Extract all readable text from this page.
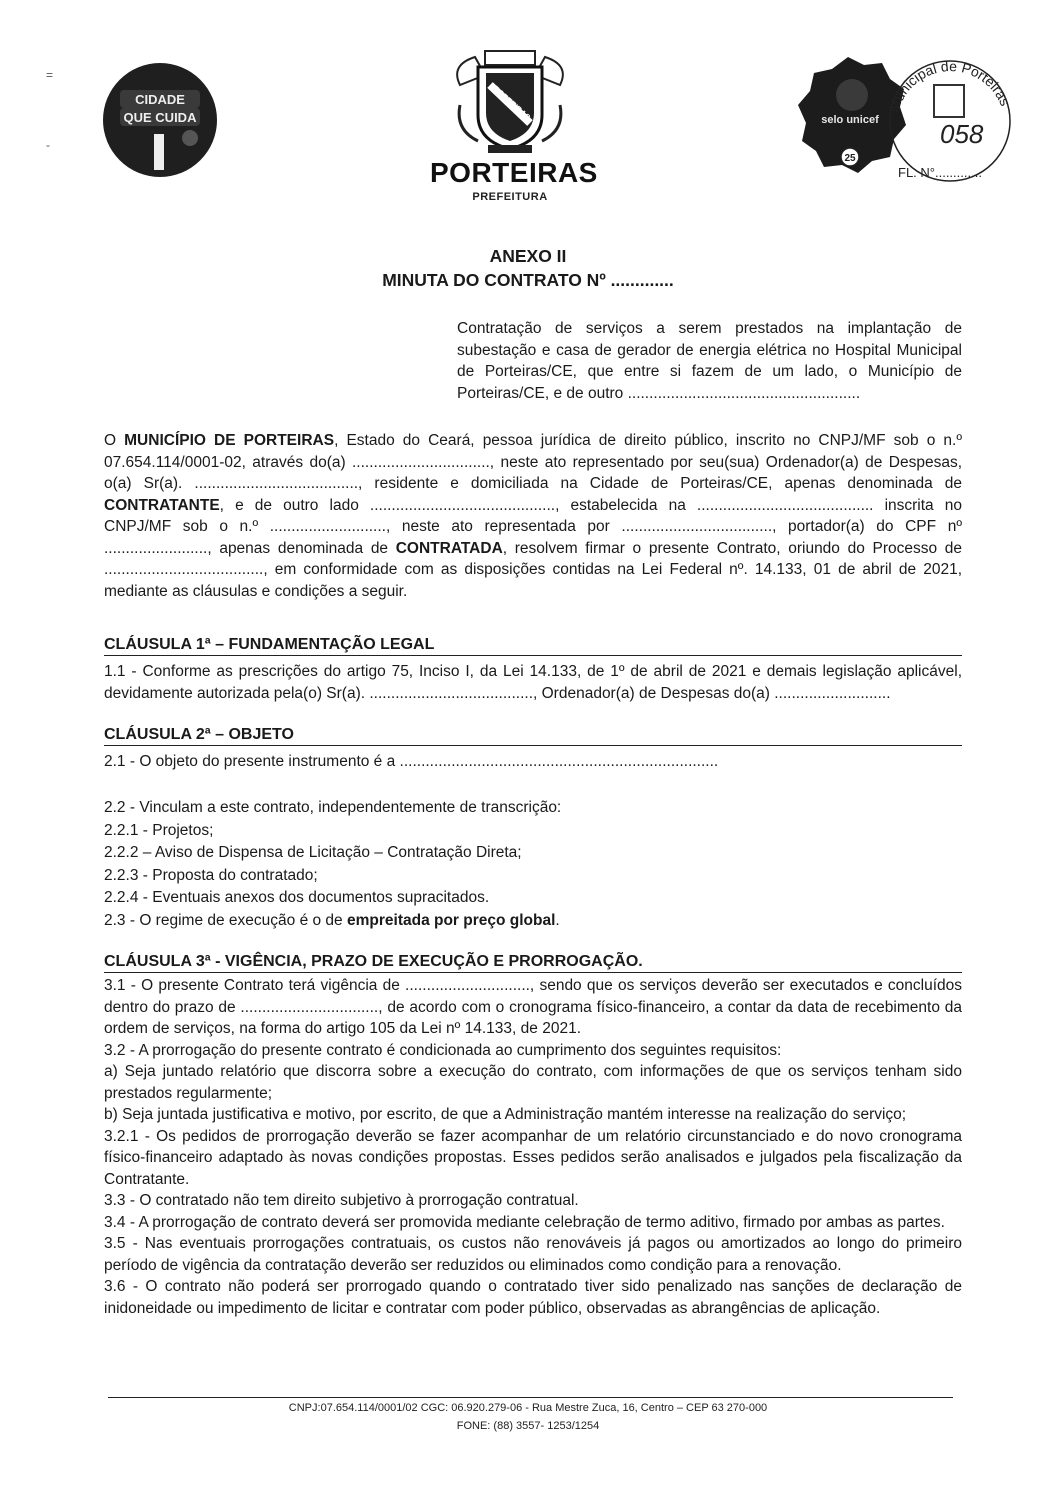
=
-
CIDADE
QUE CUIDA	PORTEIRAS
PORTEIRAS
PREFEITURA
selo unicef
25
Municipal de Porteiras
058
FL. N°.............
ANEXO II
MINUTA DO CONTRATO Nº .............
Contratação de serviços a serem prestados na implantação de subestação e casa de gerador de energia elétrica no Hospital Municipal de Porteiras/CE, que entre si fazem de um lado, o Município de Porteiras/CE, e de outro ......................................................
O MUNICÍPIO DE PORTEIRAS, Estado do Ceará, pessoa jurídica de direito público, inscrito no CNPJ/MF sob o n.º 07.654.114/0001-02, através do(a) ................................, neste ato representado por seu(sua) Ordenador(a) de Despesas, o(a) Sr(a). ......................................, residente e domiciliada na Cidade de Porteiras/CE, apenas denominada de CONTRATANTE, e de outro lado ..........................................., estabelecida na ......................................... inscrita no CNPJ/MF sob o n.º ..........................., neste ato representada por ..................................., portador(a) do CPF nº ........................, apenas denominada de CONTRATADA, resolvem firmar o presente Contrato, oriundo do Processo de ....................................., em conformidade com as disposições contidas na Lei Federal nº. 14.133, 01 de abril de 2021, mediante as cláusulas e condições a seguir.
CLÁUSULA 1ª – FUNDAMENTAÇÃO LEGAL
1.1 - Conforme as prescrições do artigo 75, Inciso I, da Lei 14.133, de 1º de abril de 2021 e demais legislação aplicável, devidamente autorizada pela(o) Sr(a). ......................................, Ordenador(a) de Despesas do(a) ...........................
CLÁUSULA 2ª – OBJETO
2.1 - O objeto do presente instrumento é a ..........................................................................
2.2 - Vinculam a este contrato, independentemente de transcrição:
2.2.1 - Projetos;
2.2.2 – Aviso de Dispensa de Licitação – Contratação Direta;
2.2.3 - Proposta do contratado;
2.2.4 - Eventuais anexos dos documentos supracitados.
2.3 - O regime de execução é o de empreitada por preço global.
CLÁUSULA 3ª - VIGÊNCIA, PRAZO DE EXECUÇÃO E PRORROGAÇÃO.
3.1 - O presente Contrato terá vigência de ............................., sendo que os serviços deverão ser executados e concluídos dentro do prazo de ................................, de acordo com o cronograma físico-financeiro, a contar da data de recebimento da ordem de serviços, na forma do artigo 105 da Lei nº 14.133, de 2021.
3.2 - A prorrogação do presente contrato é condicionada ao cumprimento dos seguintes requisitos:
a) Seja juntado relatório que discorra sobre a execução do contrato, com informações de que os serviços tenham sido prestados regularmente;
b) Seja juntada justificativa e motivo, por escrito, de que a Administração mantém interesse na realização do serviço;
3.2.1 - Os pedidos de prorrogação deverão se fazer acompanhar de um relatório circunstanciado e do novo cronograma físico-financeiro adaptado às novas condições propostas. Esses pedidos serão analisados e julgados pela fiscalização da Contratante.
3.3 - O contratado não tem direito subjetivo à prorrogação contratual.
3.4 - A prorrogação de contrato deverá ser promovida mediante celebração de termo aditivo, firmado por ambas as partes.
3.5 - Nas eventuais prorrogações contratuais, os custos não renováveis já pagos ou amortizados ao longo do primeiro período de vigência da contratação deverão ser reduzidos ou eliminados como condição para a renovação.
3.6 - O contrato não poderá ser prorrogado quando o contratado tiver sido penalizado nas sanções de declaração de inidoneidade ou impedimento de licitar e contratar com poder público, observadas as abrangências de aplicação.
CNPJ:07.654.114/0001/02 CGC: 06.920.279-06 - Rua Mestre Zuca, 16, Centro – CEP 63 270-000
FONE: (88) 3557- 1253/1254
